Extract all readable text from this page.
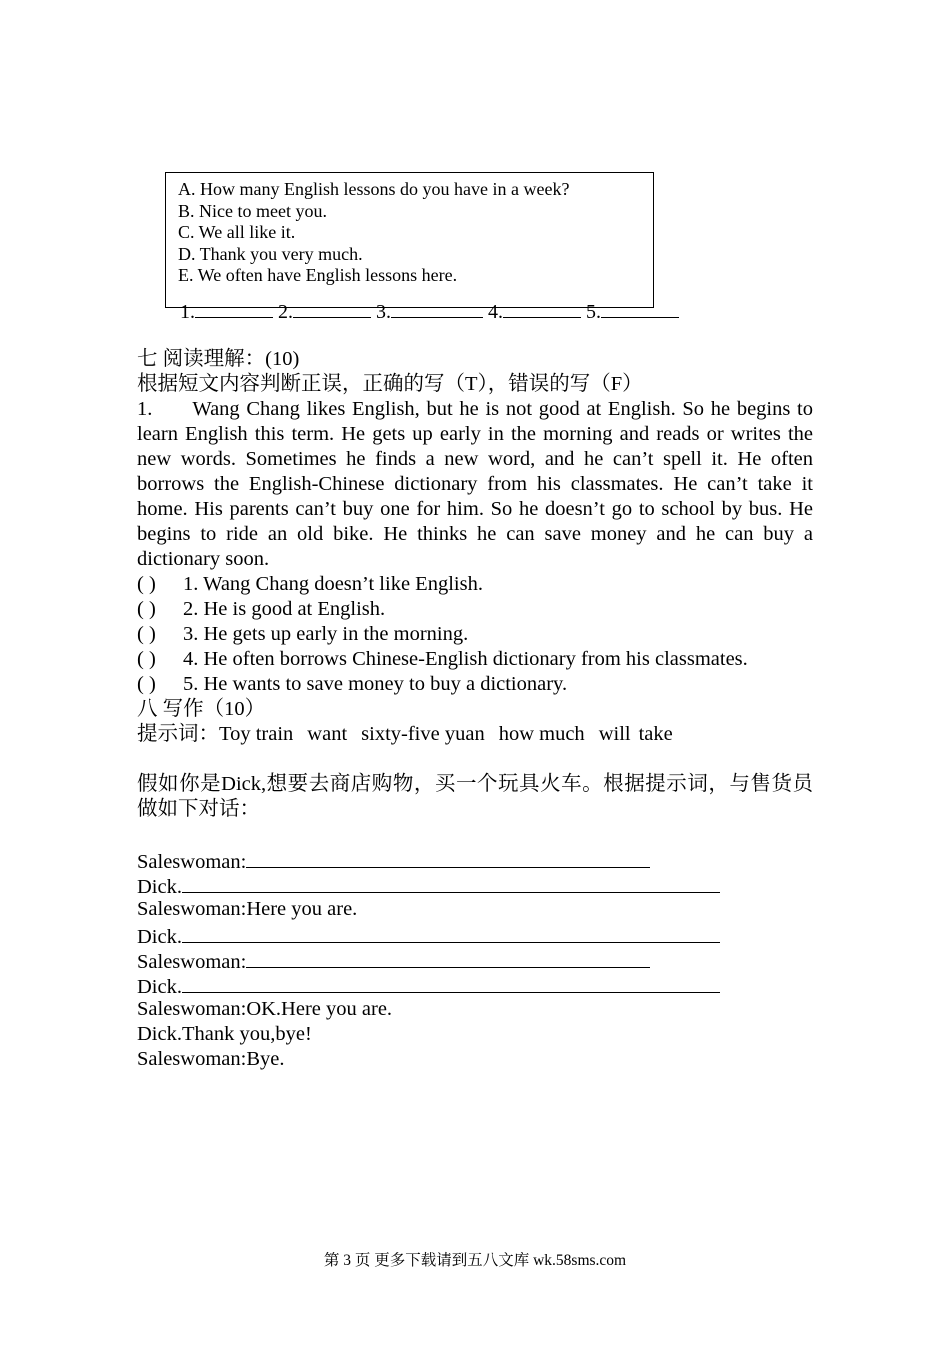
A. How many English lessons do you have in a week?
B. Nice to meet you.
C. We all like it.
D. Thank you very much.
E. We often have English lessons here.
1.	2.	3.	4.	5.
七 阅读理解：(10)
根据短文内容判断正误，正确的写（T），错误的写（F）
1. Wang Chang likes English, but he is not good at English. So he begins to learn English this term. He gets up early in the morning and reads or writes the new words. Sometimes he finds a new word, and he can’t spell it. He often borrows the English-Chinese dictionary from his classmates. He can’t take it home. His parents can’t buy one for him. So he doesn’t go to school by bus. He begins to ride an old bike. He thinks he can save money and he can buy a dictionary soon.
( ) 1. Wang Chang doesn’t like English.
( ) 2. He is good at English.
( ) 3. He gets up early in the morning.
( ) 4. He often borrows Chinese-English dictionary from his classmates.
( ) 5. He wants to save money to buy a dictionary.
八 写作（10）
提示词：Toy train want sixty-five yuan how much will take
假如你是Dick,想要去商店购物，买一个玩具火车。根据提示词，与售货员做如下对话：
Saleswoman:
Dick.
Saleswoman:Here you are.
Dick.
Saleswoman:
Dick.
Saleswoman:OK.Here you are.
Dick.Thank you,bye!
Saleswoman:Bye.
第 3 页 更多下载请到五八文库 wk.58sms.com
